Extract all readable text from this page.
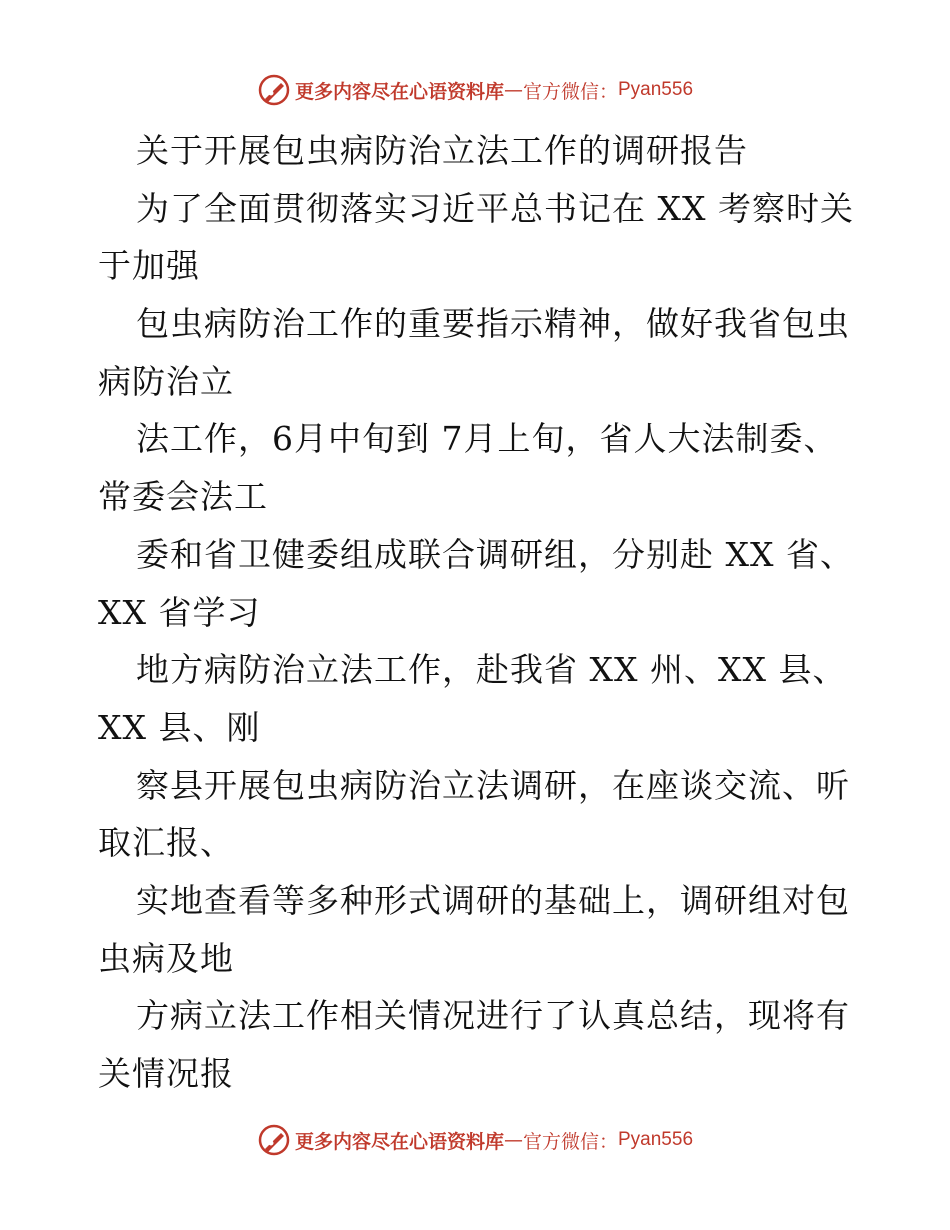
更多内容尽在心语资料库 — 官方微信： Pyan556
关于开展包虫病防治立法工作的调研报告
为了全面贯彻落实习近平总书记在 XX 考察时关
于加强
包虫病防治工作的重要指示精神，做好我省包虫
病防治立
法工作，6月中旬到 7月上旬，省人大法制委、
常委会法工
委和省卫健委组成联合调研组，分别赴 XX 省、
XX 省学习
地方病防治立法工作，赴我省 XX 州、XX 县、
XX 县、刚
察县开展包虫病防治立法调研，在座谈交流、听
取汇报、
实地查看等多种形式调研的基础上，调研组对包
虫病及地
方病立法工作相关情况进行了认真总结，现将有
关情况报
更多内容尽在心语资料库 — 官方微信： Pyan556
